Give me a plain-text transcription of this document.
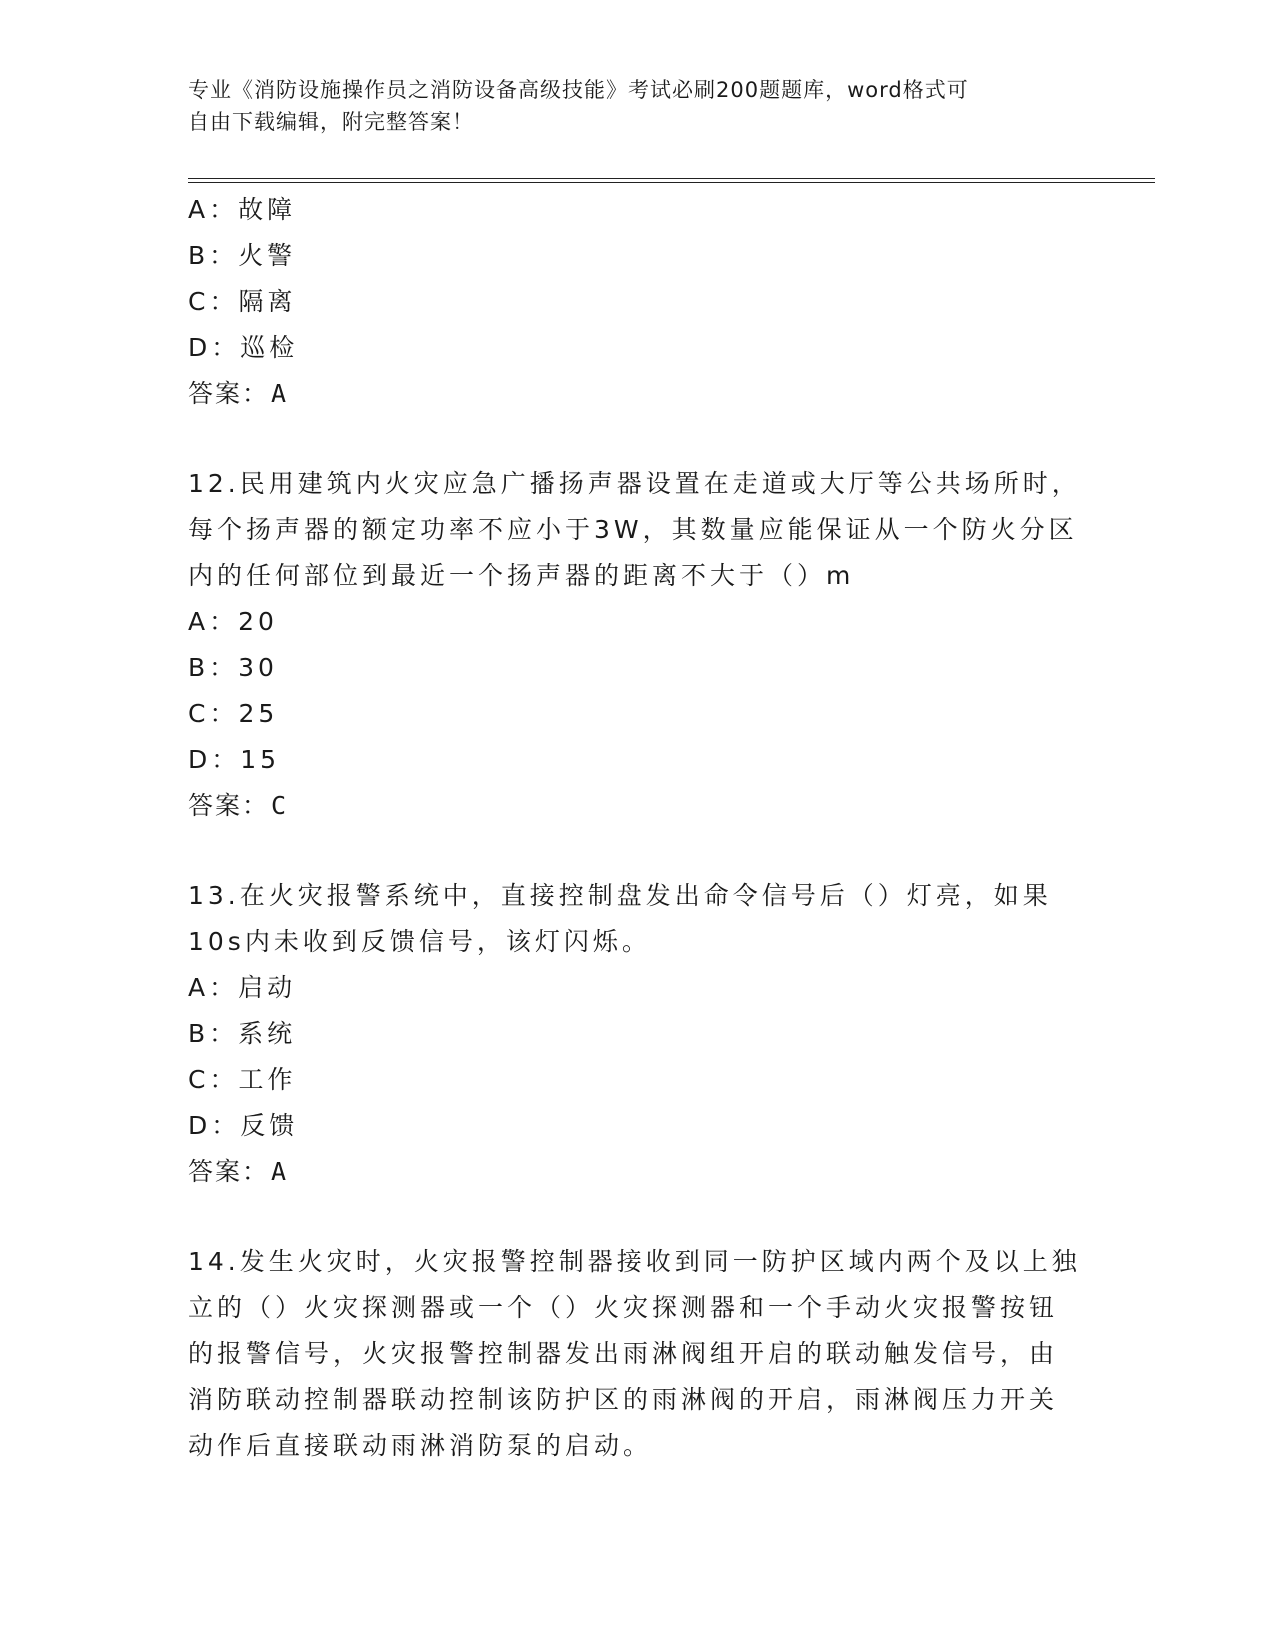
专业《消防设施操作员之消防设备高级技能》考试必刷200题题库，word格式可
自由下载编辑，附完整答案！
A：故障
B：火警
C：隔离
D：巡检
答案：A
12.民用建筑内火灾应急广播扬声器设置在走道或大厅等公共场所时，
每个扬声器的额定功率不应小于3W，其数量应能保证从一个防火分区
内的任何部位到最近一个扬声器的距离不大于（）m
A：20
B：30
C：25
D：15
答案：C
13.在火灾报警系统中，直接控制盘发出命令信号后（）灯亮，如果
10s内未收到反馈信号，该灯闪烁。
A：启动
B：系统
C：工作
D：反馈
答案：A
14.发生火灾时，火灾报警控制器接收到同一防护区域内两个及以上独
立的（）火灾探测器或一个（）火灾探测器和一个手动火灾报警按钮
的报警信号，火灾报警控制器发出雨淋阀组开启的联动触发信号，由
消防联动控制器联动控制该防护区的雨淋阀的开启，雨淋阀压力开关
动作后直接联动雨淋消防泵的启动。
